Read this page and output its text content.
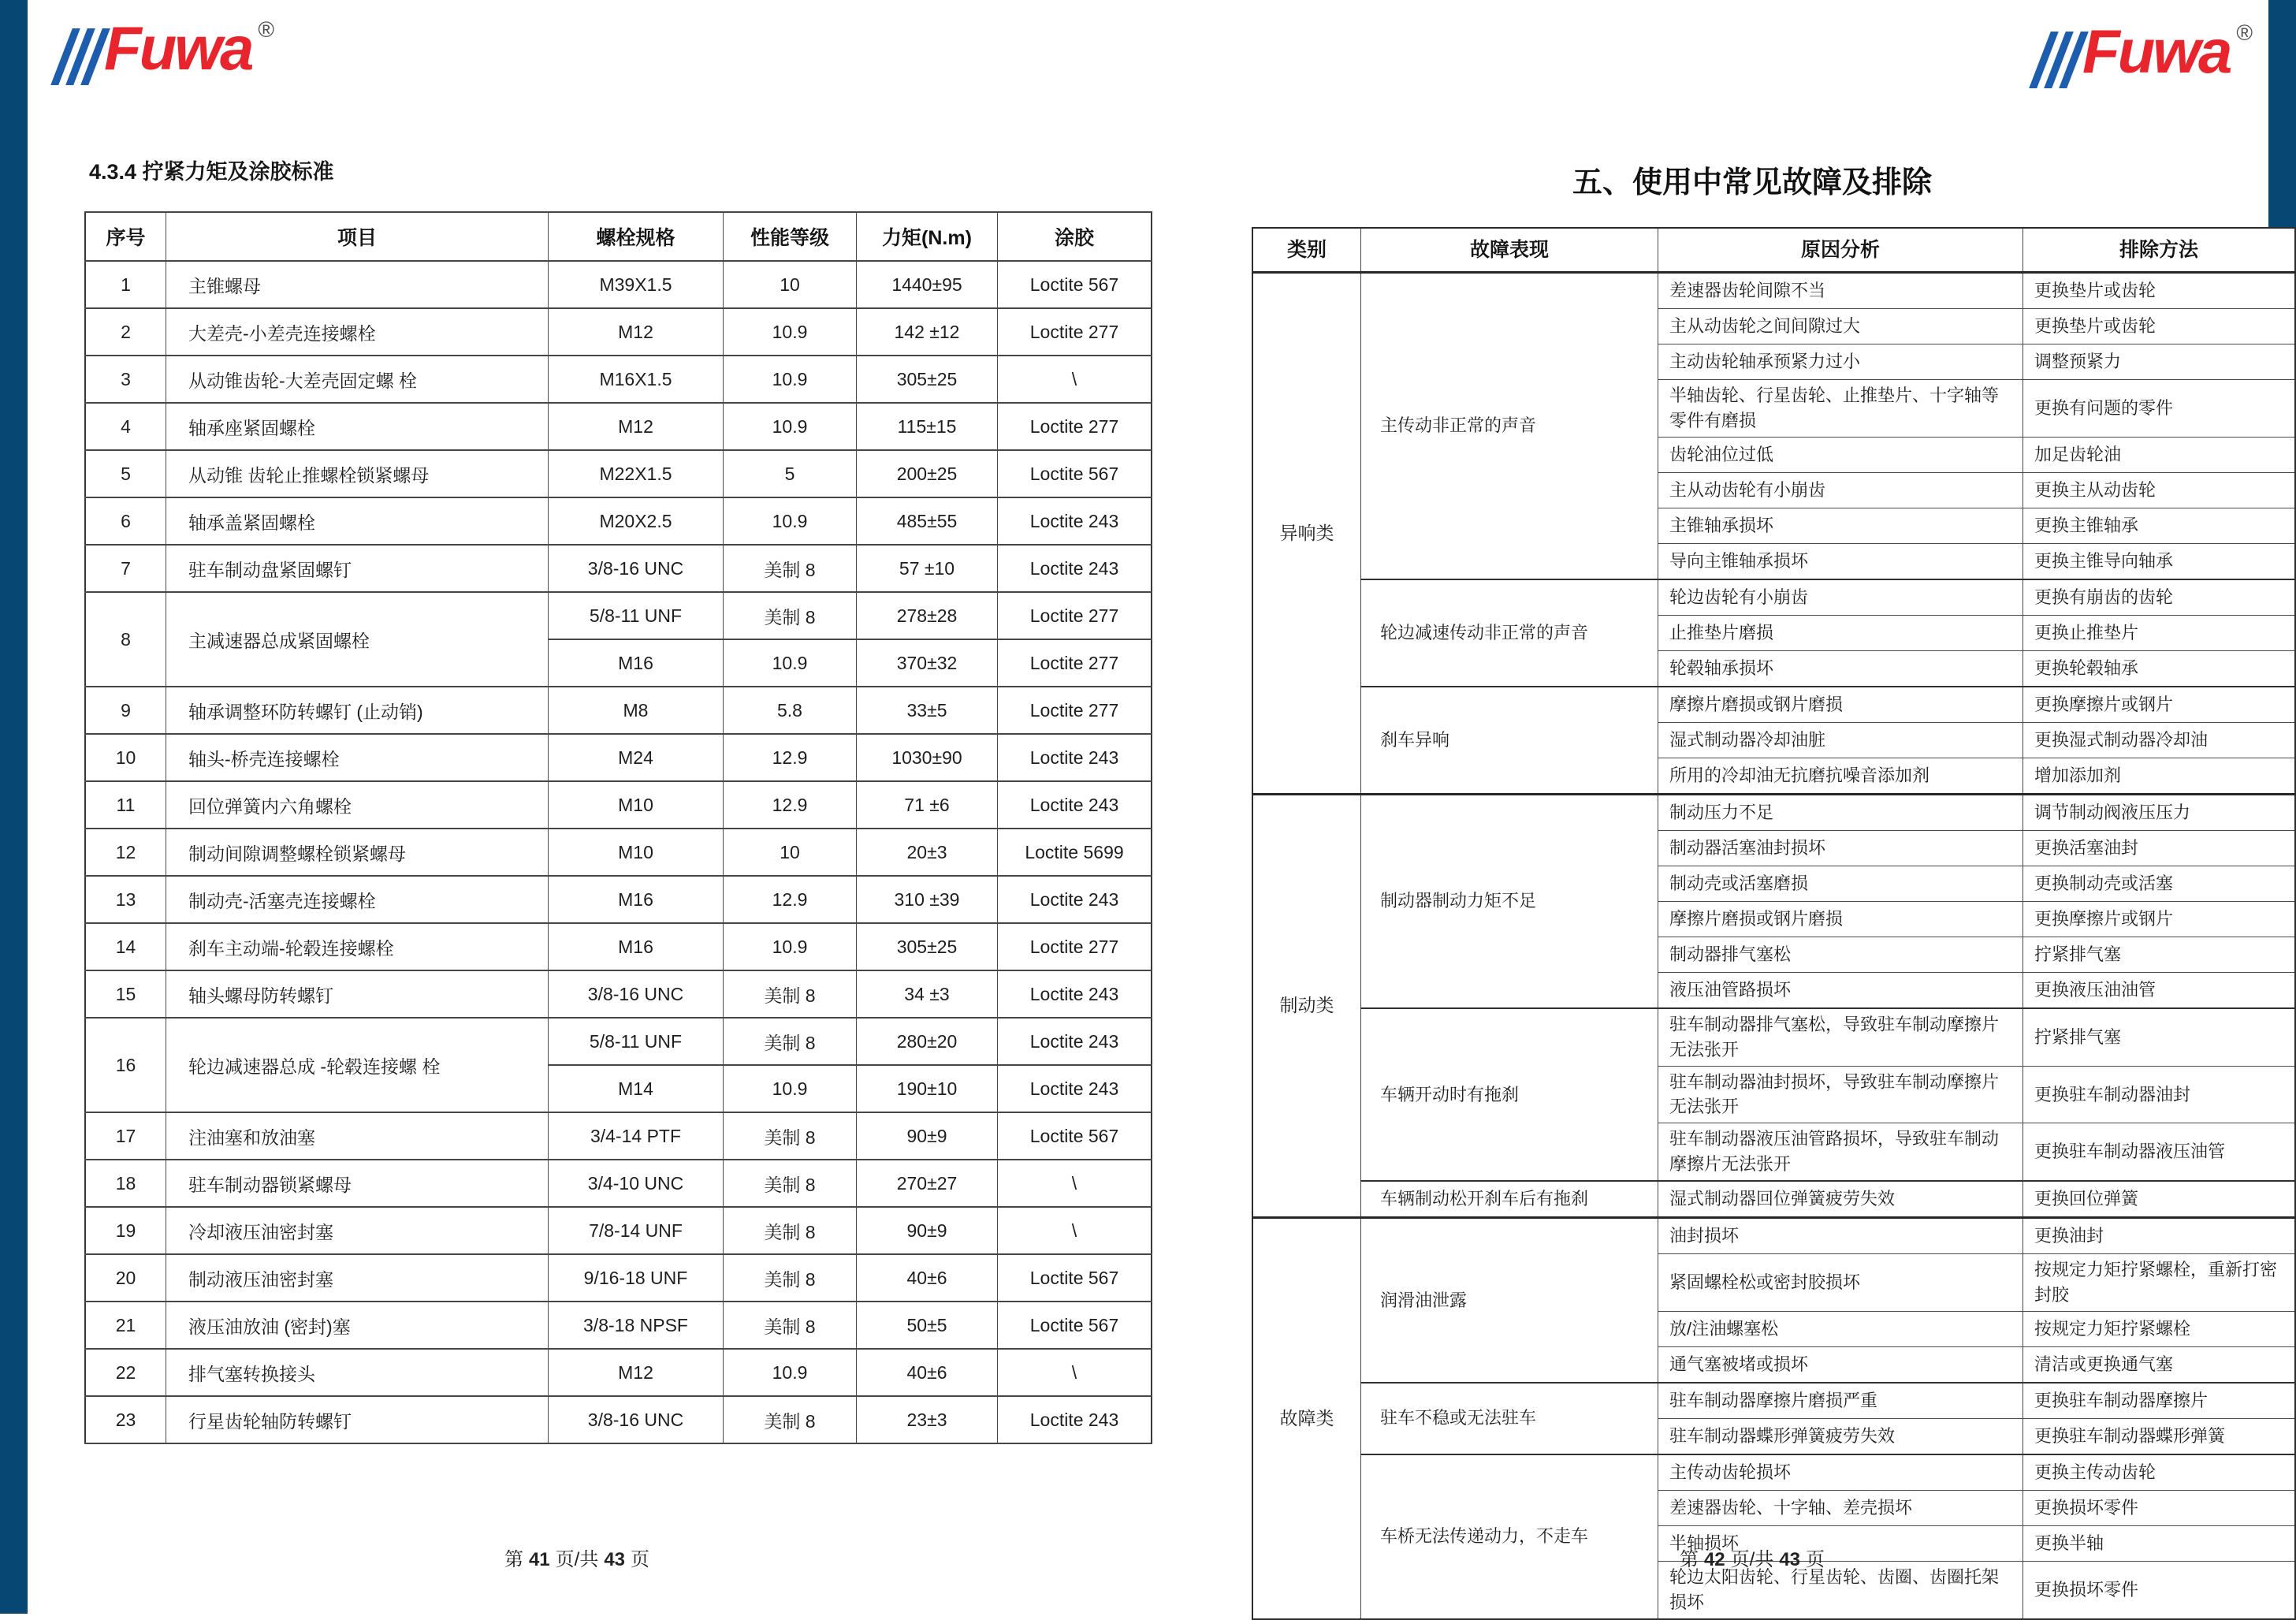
Fuwa ®	Fuwa ®
4.3.4 拧紧力矩及涂胶标准
序号	项目	螺栓规格	性能等级	力矩(N.m)	涂胶
1	主锥螺母	M39X1.5	10	1440±95	Loctite 567
2	大差壳-小差壳连接螺栓	M12	10.9	142 ±12	Loctite 277
3	从动锥齿轮-大差壳固定螺 栓	M16X1.5	10.9	305±25	\
4	轴承座紧固螺栓	M12	10.9	115±15	Loctite 277
5	从动锥 齿轮止推螺栓锁紧螺母	M22X1.5	5	200±25	Loctite 567
6	轴承盖紧固螺栓	M20X2.5	10.9	485±55	Loctite 243
7	驻车制动盘紧固螺钉	3/8-16 UNC	美制 8	57 ±10	Loctite 243
8	主减速器总成紧固螺栓	5/8-11 UNF	美制 8	278±28	Loctite 277
		M16	10.9	370±32	Loctite 277
9	轴承调整环防转螺钉 (止动销)	M8	5.8	33±5	Loctite 277
10	轴头-桥壳连接螺栓	M24	12.9	1030±90	Loctite 243
11	回位弹簧内六角螺栓	M10	12.9	71 ±6	Loctite 243
12	制动间隙调整螺栓锁紧螺母	M10	10	20±3	Loctite 5699
13	制动壳-活塞壳连接螺栓	M16	12.9	310 ±39	Loctite 243
14	刹车主动端-轮毂连接螺栓	M16	10.9	305±25	Loctite 277
15	轴头螺母防转螺钉	3/8-16 UNC	美制 8	34 ±3	Loctite 243
16	轮边减速器总成 -轮毂连接螺 栓	5/8-11 UNF	美制 8	280±20	Loctite 243
		M14	10.9	190±10	Loctite 243
17	注油塞和放油塞	3/4-14 PTF	美制 8	90±9	Loctite 567
18	驻车制动器锁紧螺母	3/4-10 UNC	美制 8	270±27	\
19	冷却液压油密封塞	7/8-14 UNF	美制 8	90±9	\
20	制动液压油密封塞	9/16-18 UNF	美制 8	40±6	Loctite 567
21	液压油放油 (密封)塞	3/8-18 NPSF	美制 8	50±5	Loctite 567
22	排气塞转换接头	M12	10.9	40±6	\
23	行星齿轮轴防转螺钉	3/8-16 UNC	美制 8	23±3	Loctite 243
第 41 页/共 43 页
五、使用中常见故障及排除
类别	故障表现	原因分析	排除方法
异响类	主传动非正常的声音	差速器齿轮间隙不当	更换垫片或齿轮
		主从动齿轮之间间隙过大	更换垫片或齿轮
		主动齿轮轴承预紧力过小	调整预紧力
		半轴齿轮、行星齿轮、止推垫片、十字轴等零件有磨损	更换有问题的零件
		齿轮油位过低	加足齿轮油
		主从动齿轮有小崩齿	更换主从动齿轮
		主锥轴承损坏	更换主锥轴承
		导向主锥轴承损坏	更换主锥导向轴承
	轮边减速传动非正常的声音	轮边齿轮有小崩齿	更换有崩齿的齿轮
		止推垫片磨损	更换止推垫片
		轮毂轴承损坏	更换轮毂轴承
	刹车异响	摩擦片磨损或钢片磨损	更换摩擦片或钢片
		湿式制动器冷却油脏	更换湿式制动器冷却油
		所用的冷却油无抗磨抗噪音添加剂	增加添加剂
制动类	制动器制动力矩不足	制动压力不足	调节制动阀液压压力
		制动器活塞油封损坏	更换活塞油封
		制动壳或活塞磨损	更换制动壳或活塞
		摩擦片磨损或钢片磨损	更换摩擦片或钢片
		制动器排气塞松	拧紧排气塞
		液压油管路损坏	更换液压油油管
	车辆开动时有拖刹	驻车制动器排气塞松，导致驻车制动摩擦片无法张开	拧紧排气塞
		驻车制动器油封损坏，导致驻车制动摩擦片无法张开	更换驻车制动器油封
		驻车制动器液压油管路损坏，导致驻车制动摩擦片无法张开	更换驻车制动器液压油管
	车辆制动松开刹车后有拖刹	湿式制动器回位弹簧疲劳失效	更换回位弹簧
故障类	润滑油泄露	油封损坏	更换油封
		紧固螺栓松或密封胶损坏	按规定力矩拧紧螺栓，重新打密封胶
		放/注油螺塞松	按规定力矩拧紧螺栓
		通气塞被堵或损坏	清洁或更换通气塞
	驻车不稳或无法驻车	驻车制动器摩擦片磨损严重	更换驻车制动器摩擦片
		驻车制动器蝶形弹簧疲劳失效	更换驻车制动器蝶形弹簧
	车桥无法传递动力，不走车	主传动齿轮损坏	更换主传动齿轮
		差速器齿轮、十字轴、差壳损坏	更换损坏零件
		半轴损坏	更换半轴
		轮边太阳齿轮、行星齿轮、齿圈、齿圈托架损坏	更换损坏零件
第 42 页/共 43 页
